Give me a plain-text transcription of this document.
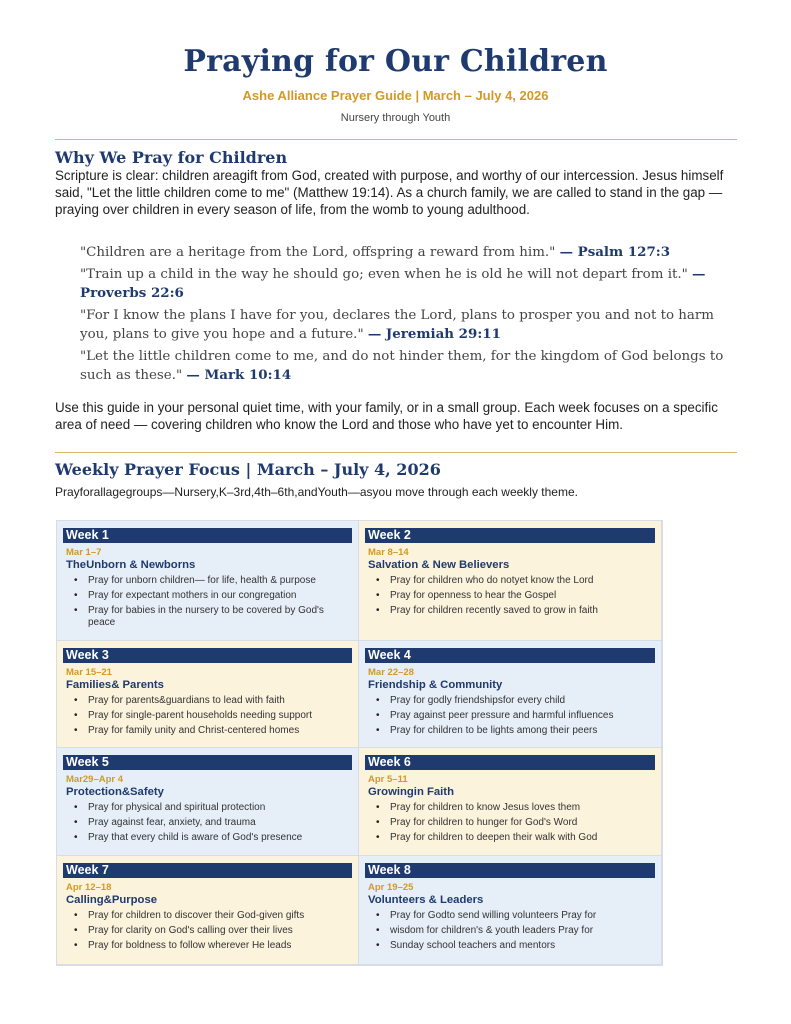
Praying for Our Children
Ashe Alliance Prayer Guide | March – July 4, 2026
Nursery through Youth
Why We Pray for Children
Scripture is clear: children areagift from God, created with purpose, and worthy of our intercession. Jesus himself said, "Let the little children come to me" (Matthew 19:14). As a church family, we are called to stand in the gap — praying over children in every season of life, from the womb to young adulthood.

"Children are a heritage from the Lord, offspring a reward from him." — Psalm 127:3

"Train up a child in the way he should go; even when he is old he will not depart from it." — Proverbs 22:6

"For I know the plans I have for you, declares the Lord, plans to prosper you and not to harm you, plans to give you hope and a future." — Jeremiah 29:11

"Let the little children come to me, and do not hinder them, for the kingdom of God belongs to such as these." — Mark 10:14

Use this guide in your personal quiet time, with your family, or in a small group. Each week focuses on a specific area of need — covering children who know the Lord and those who have yet to encounter Him.
Weekly Prayer Focus | March – July 4, 2026
Prayforallagegroups—Nursery,K–3rd,4th–6th,andYouth—asyou move through each weekly theme.
Week 1
Mar 1–7
TheUnborn & Newborns
• Pray for unborn children— for life, health & purpose
• Pray for expectant mothers in our congregation
• Pray for babies in the nursery to be covered by God's peace
Week 2
Mar 8–14
Salvation & New Believers
• Pray for children who do notyet know the Lord
• Pray for openness to hear the Gospel
• Pray for children recently saved to grow in faith
Week 3
Mar 15–21
Families& Parents
• Pray for parents&guardians to lead with faith
• Pray for single-parent households needing support
• Pray for family unity and Christ-centered homes
Week 4
Mar 22–28
Friendship & Community
• Pray for godly friendshipsfor every child
• Pray against peer pressure and harmful influences
• Pray for children to be lights among their peers
Week 5
Mar29–Apr 4
Protection&Safety
• Pray for physical and spiritual protection
• Pray against fear, anxiety, and trauma
• Pray that every child is aware of God's presence
Week 6
Apr 5–11
Growingin Faith
• Pray for children to know Jesus loves them
• Pray for children to hunger for God's Word
• Pray for children to deepen their walk with God
Week 7
Apr 12–18
Calling&Purpose
• Pray for children to discover their God-given gifts
• Pray for clarity on God's calling over their lives
• Pray for boldness to follow wherever He leads
Week 8
Apr 19–25
Volunteers & Leaders
• Pray for Godto send willing volunteers Pray for
• wisdom for children's & youth leaders Pray for
• Sunday school teachers and mentors
